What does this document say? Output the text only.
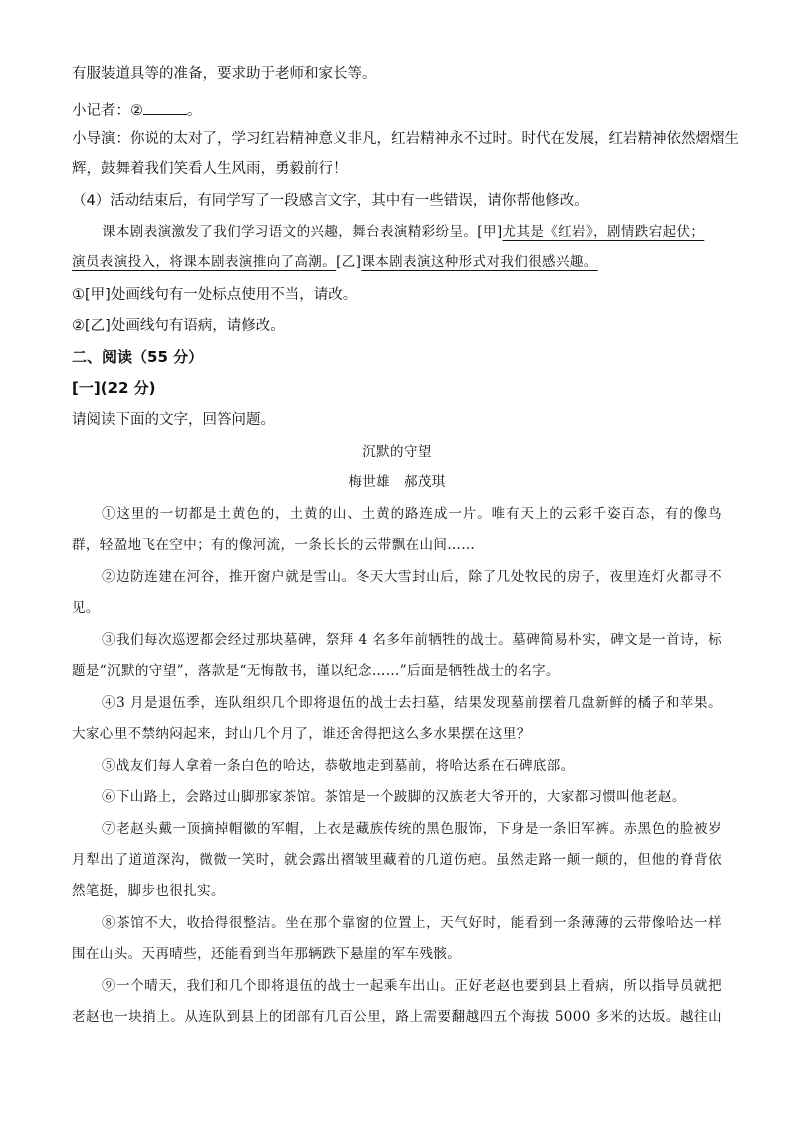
有服装道具等的准备，要求助于老师和家长等。
小记者：②	。
小导演：你说的太对了，学习红岩精神意义非凡，红岩精神永不过时。时代在发展，红岩精神依然熠熠生
辉，鼓舞着我们笑看人生风雨，勇毅前行！
（4）活动结束后，有同学写了一段感言文字，其中有一些错误，请你帮他修改。
课本剧表演激发了我们学习语文的兴趣，舞台表演精彩纷呈。[甲]尤其是《红岩》，剧情跌宕起伏；
演员表演投入，将课本剧表演推向了高潮。[乙]课本剧表演这种形式对我们很感兴趣。
①[甲]处画线句有一处标点使用不当，请改。
②[乙]处画线句有语病，请修改。
二、阅读（55 分）
[一](22 分)
请阅读下面的文字，回答问题。
沉默的守望
梅世雄　郝茂琪
①这里的一切都是土黄色的，土黄的山、土黄的路连成一片。唯有天上的云彩千姿百态，有的像鸟
群，轻盈地飞在空中；有的像河流，一条长长的云带飘在山间……
②边防连建在河谷，推开窗户就是雪山。冬天大雪封山后，除了几处牧民的房子，夜里连灯火都寻不
见。
③我们每次巡逻都会经过那块墓碑，祭拜 4 名多年前牺牲的战士。墓碑简易朴实，碑文是一首诗，标
题是“沉默的守望”，落款是“无悔散书，谨以纪念……”后面是牺牲战士的名字。
④3 月是退伍季，连队组织几个即将退伍的战士去扫墓，结果发现墓前摆着几盘新鲜的橘子和苹果。
大家心里不禁纳闷起来，封山几个月了，谁还舍得把这么多水果摆在这里？
⑤战友们每人拿着一条白色的哈达，恭敬地走到墓前，将哈达系在石碑底部。
⑥下山路上，会路过山脚那家茶馆。茶馆是一个跛脚的汉族老大爷开的，大家都习惯叫他老赵。
⑦老赵头戴一顶摘掉帽徽的军帽，上衣是藏族传统的黑色服饰，下身是一条旧军裤。赤黑色的脸被岁
月犁出了道道深沟，微微一笑时，就会露出褶皱里藏着的几道伤疤。虽然走路一颠一颠的，但他的脊背依
然笔挺，脚步也很扎实。
⑧茶馆不大，收拾得很整洁。坐在那个靠窗的位置上，天气好时，能看到一条薄薄的云带像哈达一样
围在山头。天再晴些，还能看到当年那辆跌下悬崖的军车残骸。
⑨一个晴天，我们和几个即将退伍的战士一起乘车出山。正好老赵也要到县上看病，所以指导员就把
老赵也一块捎上。从连队到县上的团部有几百公里，路上需要翻越四五个海拔 5000 多米的达坂。越往山
